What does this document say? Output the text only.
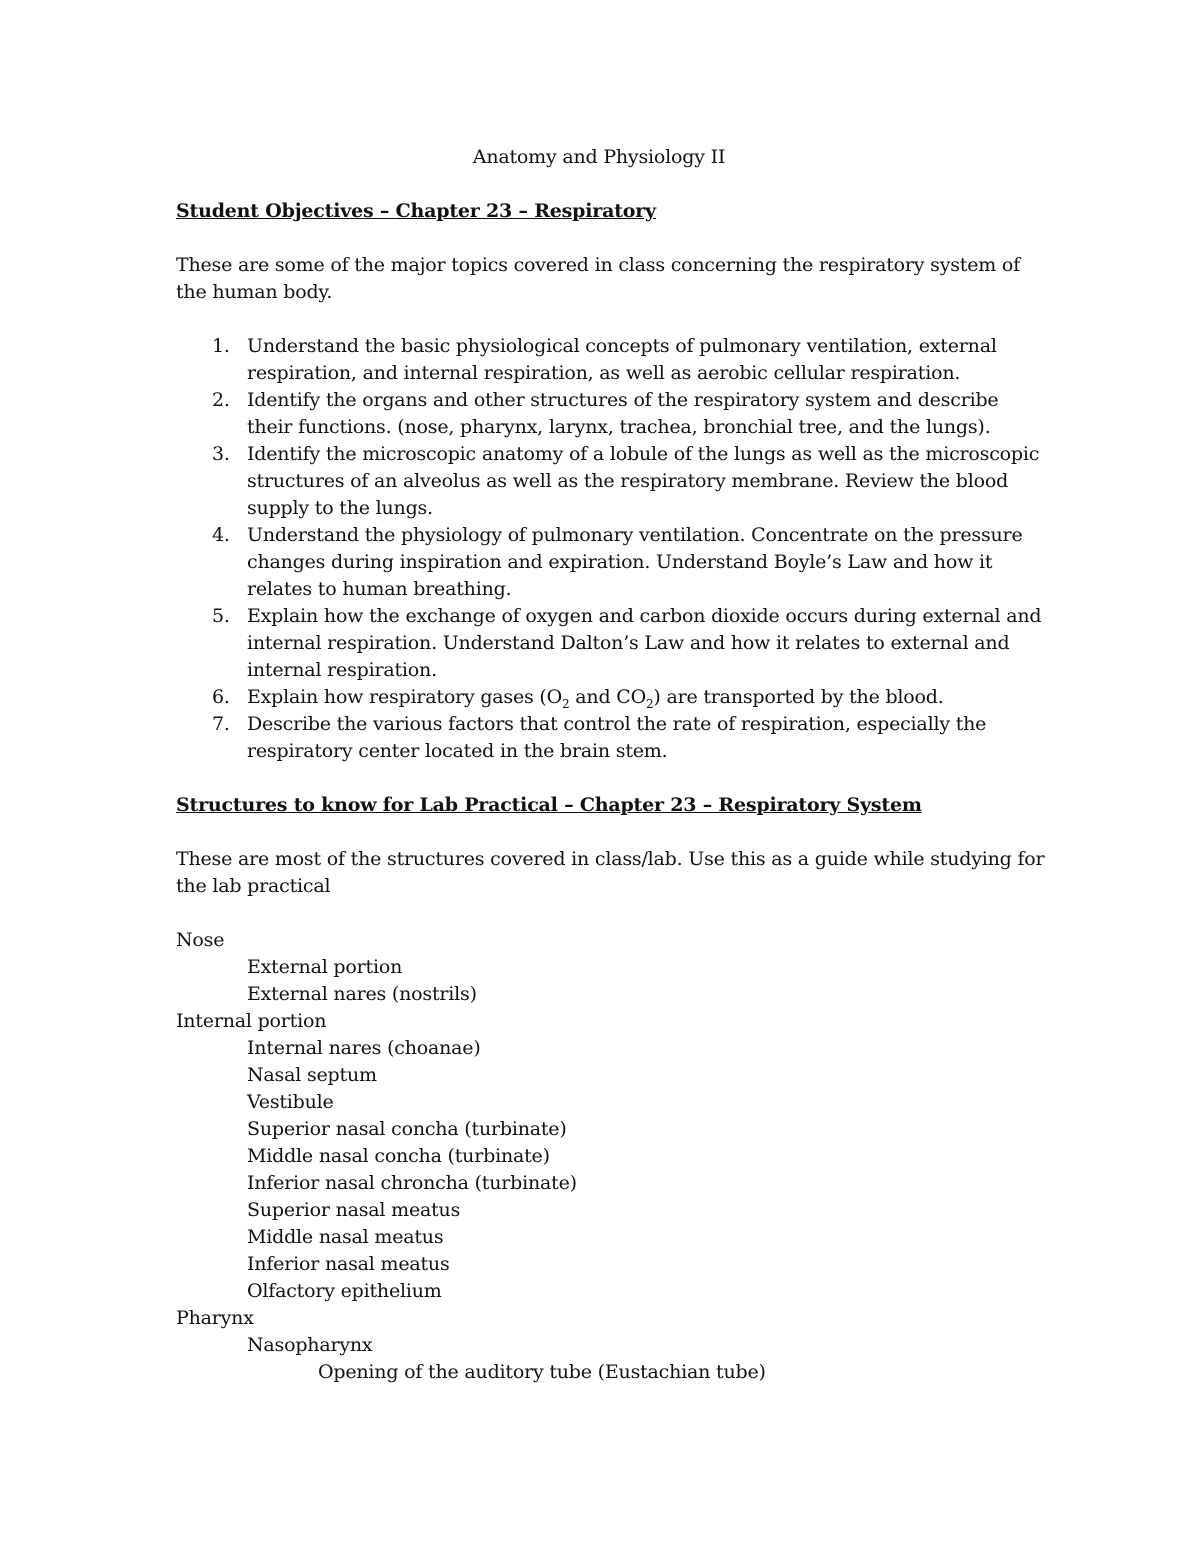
Anatomy and Physiology II
Student Objectives – Chapter 23 – Respiratory
These are some of the major topics covered in class concerning the respiratory system of the human body.
1. Understand the basic physiological concepts of pulmonary ventilation, external respiration, and internal respiration, as well as aerobic cellular respiration.
2. Identify the organs and other structures of the respiratory system and describe their functions. (nose, pharynx, larynx, trachea, bronchial tree, and the lungs).
3. Identify the microscopic anatomy of a lobule of the lungs as well as the microscopic structures of an alveolus as well as the respiratory membrane. Review the blood supply to the lungs.
4. Understand the physiology of pulmonary ventilation. Concentrate on the pressure changes during inspiration and expiration. Understand Boyle’s Law and how it relates to human breathing.
5. Explain how the exchange of oxygen and carbon dioxide occurs during external and internal respiration. Understand Dalton’s Law and how it relates to external and internal respiration.
6. Explain how respiratory gases ($O_2$ and $CO_2$) are transported by the blood.
7. Describe the various factors that control the rate of respiration, especially the respiratory center located in the brain stem.
Structures to know for Lab Practical – Chapter 23 – Respiratory System
These are most of the structures covered in class/lab. Use this as a guide while studying for the lab practical
Nose
External portion
External nares (nostrils)
Internal portion
Internal nares (choanae)
Nasal septum
Vestibule
Superior nasal concha (turbinate)
Middle nasal concha (turbinate)
Inferior nasal chroncha (turbinate)
Superior nasal meatus
Middle nasal meatus
Inferior nasal meatus
Olfactory epithelium
Pharynx
Nasopharynx
Opening of the auditory tube (Eustachian tube)
